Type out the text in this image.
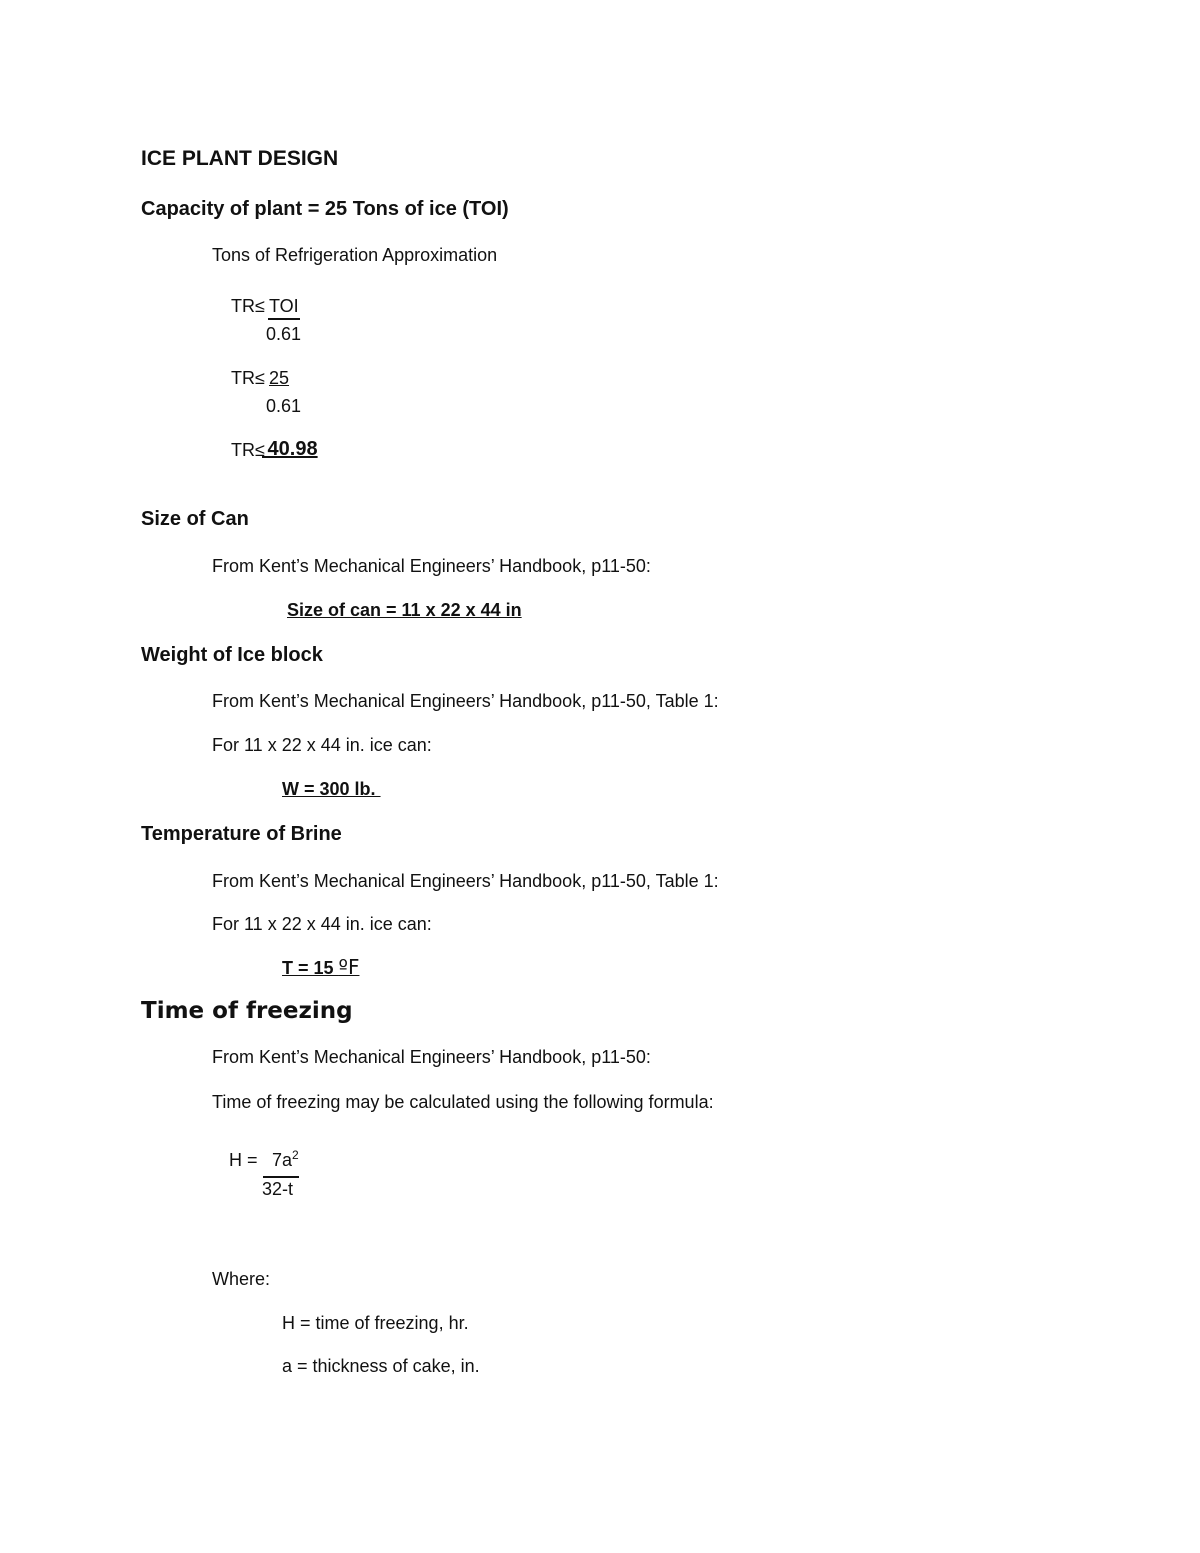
ICE PLANT DESIGN
Capacity of plant = 25 Tons of ice (TOI)
Tons of Refrigeration Approximation
TR≤ TOI
0.61
TR≤ 25
0.61
TR≤
40.98
Size of Can
From Kent’s Mechanical Engineers’ Handbook, p11-50:
Size of can = 11 x 22 x 44 in
Weight of Ice block
From Kent’s Mechanical Engineers’ Handbook, p11-50, Table 1:
For 11 x 22 x 44 in. ice can:
W = 300 lb.
Temperature of Brine
From Kent’s Mechanical Engineers’ Handbook, p11-50, Table 1:
For 11 x 22 x 44 in. ice can:
T = 15 ºF
Time of freezing
From Kent’s Mechanical Engineers’ Handbook, p11-50:
Time of freezing may be calculated using the following formula:
$H = 7a^2$
32-t
Where:
H = time of freezing, hr.
a = thickness of cake, in.
